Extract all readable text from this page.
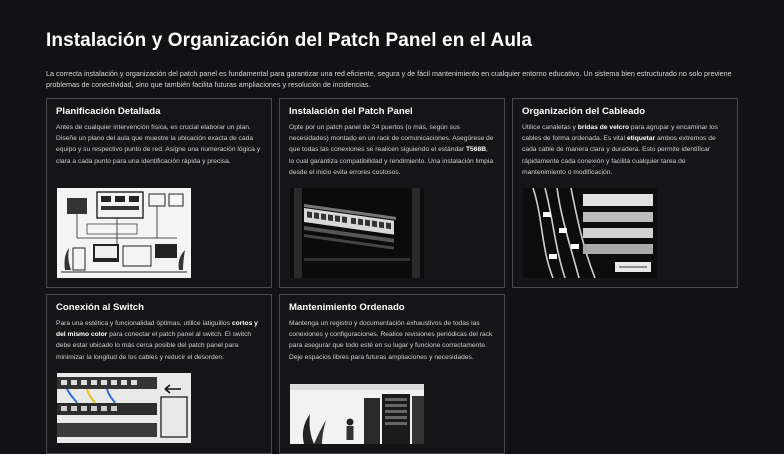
Instalación y Organización del Patch Panel en el Aula

La correcta instalación y organización del patch panel es fundamental para garantizar una red eficiente, segura y de fácil mantenimiento en cualquier entorno educativo. Un sistema bien estructurado no solo previene problemas de conectividad, sino que también facilita futuras ampliaciones y resolución de incidencias.

Planificación Detallada

Antes de cualquier intervención física, es crucial elaborar un plan. Diseñe un plano del aula que muestre la ubicación exacta de cada equipo y su respectivo punto de red. Asigne una numeración lógica y clara a cada punto para una identificación rápida y precisa.

Instalación del Patch Panel

Opte por un patch panel de 24 puertos (o más, según sus necesidades) montado en un rack de comunicaciones. Asegúrese de que todas las conexiones se realicen siguiendo el estándar T568B, lo cual garantiza compatibilidad y rendimiento. Una instalación limpia desde el inicio evita errores costosos.

Organización del Cableado

Utilice canaletas y bridas de velcro para agrupar y encaminar los cables de forma ordenada. Es vital etiquetar ambos extremos de cada cable de manera clara y duradera. Esto permite identificar rápidamente cada conexión y facilita cualquier tarea de mantenimiento o modificación.

Conexión al Switch

Para una estética y funcionalidad óptimas, utilice latiguillos cortos y del mismo color para conectar el patch panel al switch. El switch debe estar ubicado lo más cerca posible del patch panel para minimizar la longitud de los cables y reducir el desorden.

Mantenimiento Ordenado

Mantenga un registro y documentación exhaustivos de todas las conexiones y configuraciones. Realice revisiones periódicas del rack para asegurar que todo esté en su lugar y funcione correctamente. Deje espacios libres para futuras ampliaciones y necesidades.
